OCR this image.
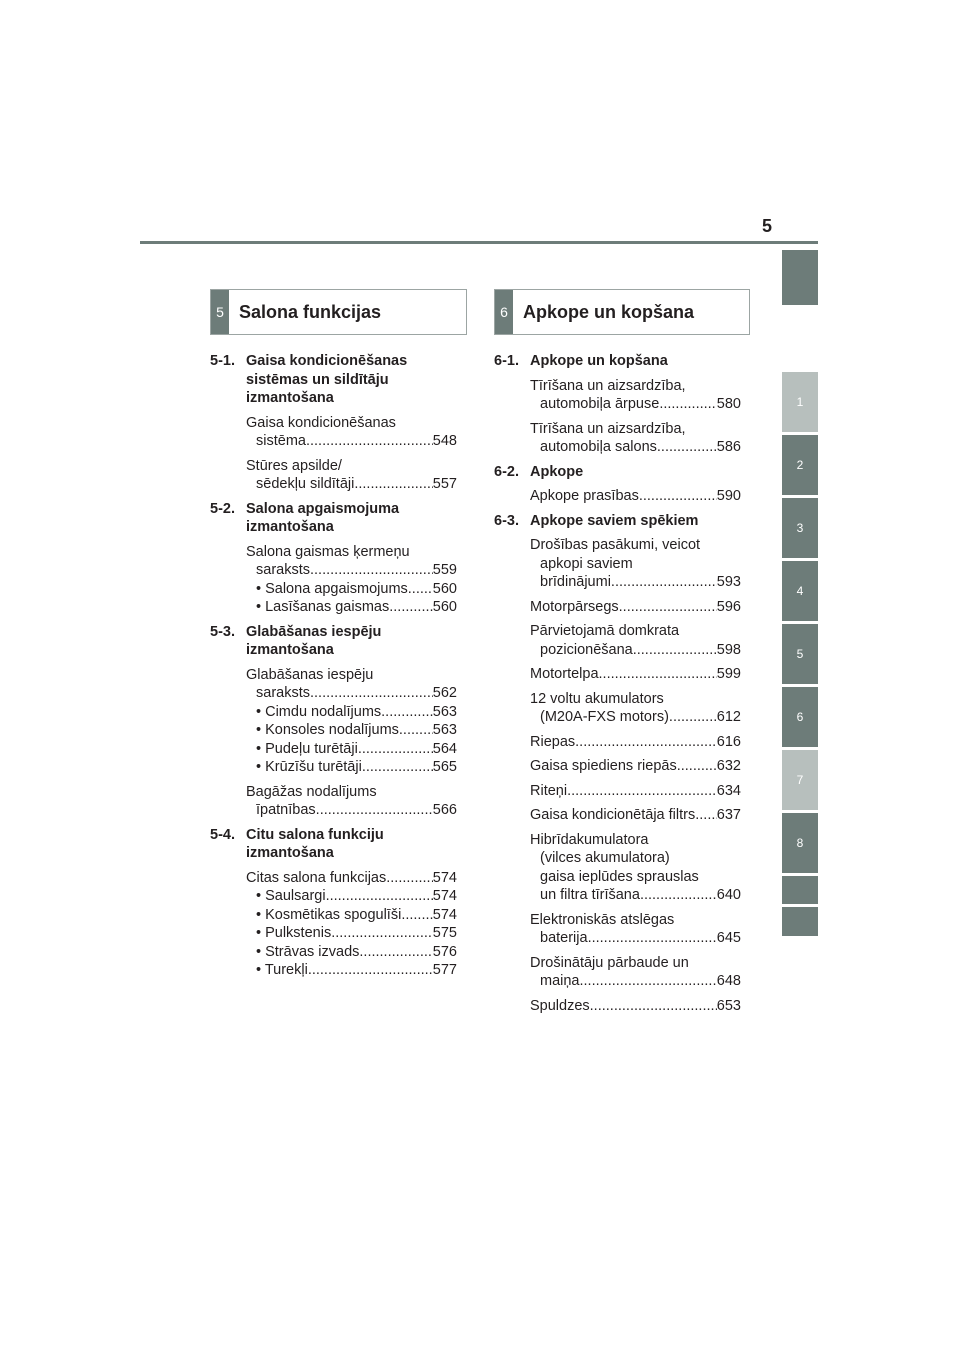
5
1
2
3
4
5
6
7
8
5 Salona funkcijas	6 Apkope un kopšana
5-1. Gaisa kondicionēšanas
sistēmas un sildītāju
izmantošana
Gaisa kondicionēšanas
sistēma .....	548
Stūres apsilde/
sēdekļu sildītāji .....	557
5-2. Salona apgaismojuma
izmantošana
Salona gaismas ķermeņu
saraksts .....	559
• Salona apgaismojums ..... 560
• Lasīšanas gaismas .....	560
5-3. Glabāšanas iespēju
izmantošana
Glabāšanas iespēju
saraksts .....	562
• Cimdu nodalījums .....	563
• Konsoles nodalījums ..... 563
• Pudeļu turētāji .....	564
• Krūzīšu turētāji .....	565
Bagāžas nodalījums
īpatnības .....	566
5-4. Citu salona funkciju
izmantošana
Citas salona funkcijas .....	574
• Saulsargi .....	574
• Kosmētikas spogulīši ..... 574
• Pulkstenis .....	575
• Strāvas izvads .....	576
• Turekļi .....	577
6-1. Apkope un kopšana
Tīrīšana un aizsardzība,
automobiļa ārpuse .....	580
Tīrīšana un aizsardzība,
automobiļa salons .....	586
6-2. Apkope
Apkope prasības .....	590
6-3. Apkope saviem spēkiem
Drošības pasākumi, veicot
apkopi saviem
brīdinājumi .....	593
Motorpārsegs .....	596
Pārvietojamā domkrata
pozicionēšana .....	598
Motortelpa .....	599
12 voltu akumulators
(M20A-FXS motors) .....	612
Riepas .....	616
Gaisa spiediens riepās .....	632
Riteņi .....	634
Gaisa kondicionētāja filtrs ..... 637
Hibrīdakumulatora
(vilces akumulatora)
gaisa ieplūdes sprauslas
un filtra tīrīšana .....	640
Elektroniskās atslēgas
baterija .....	645
Drošinātāju pārbaude un
maiņa .....	648
Spuldzes .....	653
